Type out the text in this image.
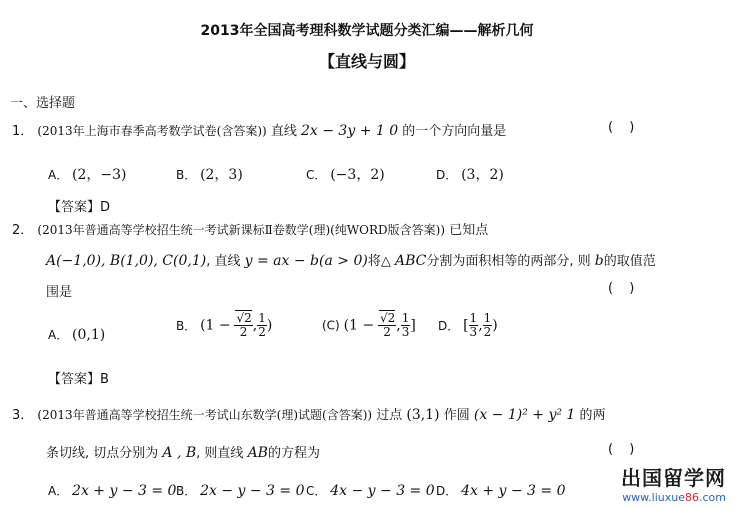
2013年全国高考理科数学试题分类汇编——解析几何
【直线与圆】
一、选择题
1． (2013年上海市春季高考数学试卷(含答案)) 直线 2x − 3y + 1 0 的一个方向向量是	( )
A． (2，−3)	B． (2，3)	C． (−3，2)	D． (3，2)
【答案】D
2． (2013年普通高等学校招生统一考试新课标Ⅱ卷数学(理)(纯WORD版含答案)) 已知点
A(−1,0), B(1,0), C(0,1), 直线 y = ax − b(a > 0)将△ ABC分割为面积相等的两部分, 则 b的取值范
围是	( )
A． (0,1)
B． ($1 - \frac{√2}{2}$ , $\frac{1}{2}$ )	(C) ($1 - \frac{√2}{2}$ , $\frac{1}{3}$ ] D． [ $\frac{1}{3}$ , $\frac{1}{2}$ )
【答案】B
3． (2013年普通高等学校招生统一考试山东数学(理)试题(含答案)) 过点 (3,1) 作圆 (x − 1)² + y² 1 的两
条切线, 切点分别为 A , B, 则直线 AB的方程为	( )
A． 2x + y − 3 = 0 B． 2x − y − 3 = 0 C． 4x − y − 3 = 0 D． 4x + y − 3 = 0
出国留学网
www.liuxue86.com
